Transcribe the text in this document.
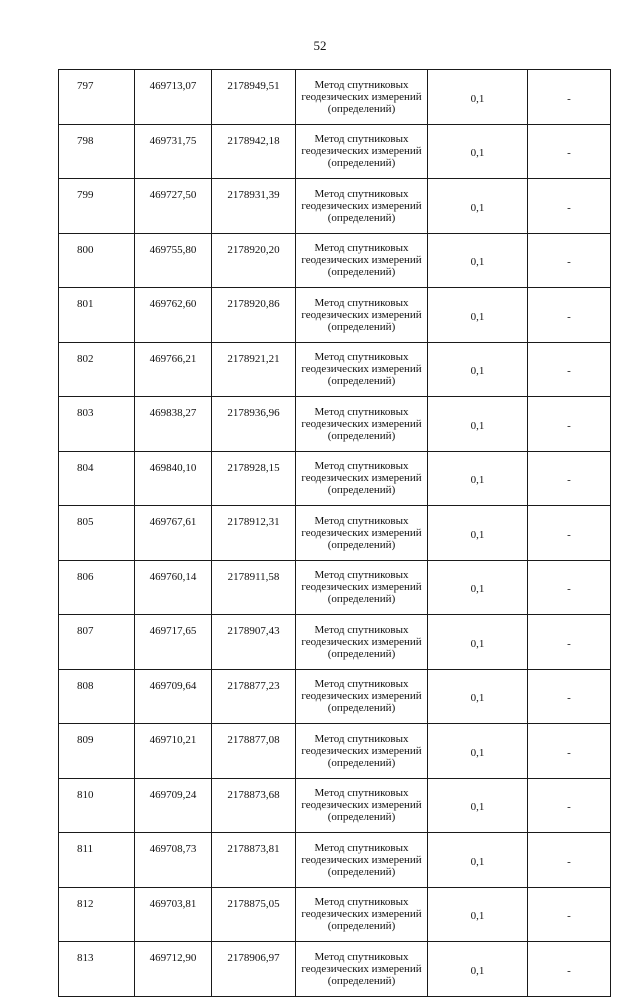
52
797	469713,07	2178949,51	Метод спутниковых
геодезических измерений
(определений)	0,1	-
798	469731,75	2178942,18	Метод спутниковых
геодезических измерений
(определений)	0,1	-
799	469727,50	2178931,39	Метод спутниковых
геодезических измерений
(определений)	0,1	-
800	469755,80	2178920,20	Метод спутниковых
геодезических измерений
(определений)	0,1	-
801	469762,60	2178920,86	Метод спутниковых
геодезических измерений
(определений)	0,1	-
802	469766,21	2178921,21	Метод спутниковых
геодезических измерений
(определений)	0,1	-
803	469838,27	2178936,96	Метод спутниковых
геодезических измерений
(определений)	0,1	-
804	469840,10	2178928,15	Метод спутниковых
геодезических измерений
(определений)	0,1	-
805	469767,61	2178912,31	Метод спутниковых
геодезических измерений
(определений)	0,1	-
806	469760,14	2178911,58	Метод спутниковых
геодезических измерений
(определений)	0,1	-
807	469717,65	2178907,43	Метод спутниковых
геодезических измерений
(определений)	0,1	-
808	469709,64	2178877,23	Метод спутниковых
геодезических измерений
(определений)	0,1	-
809	469710,21	2178877,08	Метод спутниковых
геодезических измерений
(определений)	0,1	-
810	469709,24	2178873,68	Метод спутниковых
геодезических измерений
(определений)	0,1	-
811	469708,73	2178873,81	Метод спутниковых
геодезических измерений
(определений)	0,1	-
812	469703,81	2178875,05	Метод спутниковых
геодезических измерений
(определений)	0,1	-
813	469712,90	2178906,97	Метод спутниковых
геодезических измерений
(определений)	0,1	-
